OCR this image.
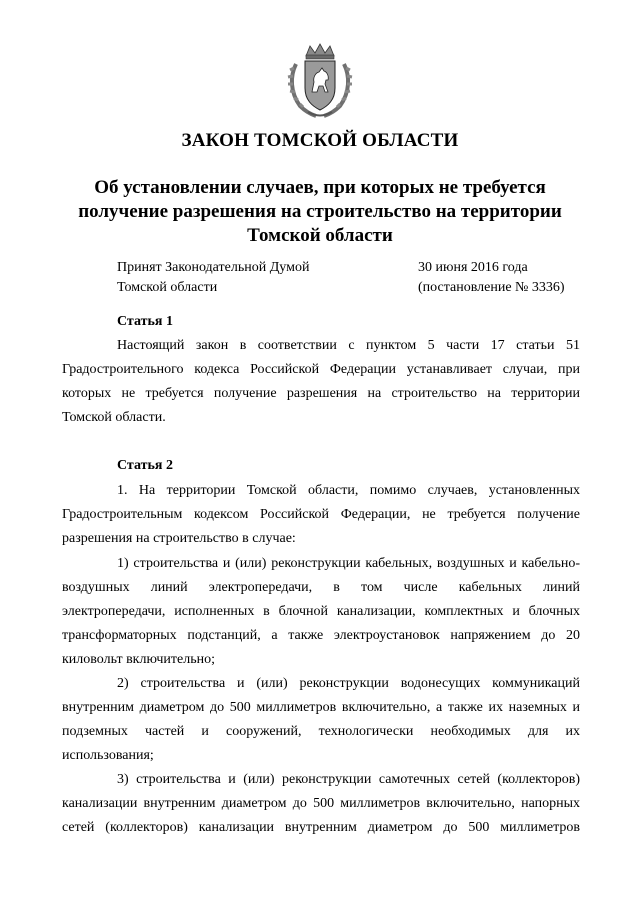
ЗАКОН ТОМСКОЙ ОБЛАСТИ
Об установлении случаев, при которых не требуется
получение разрешения на строительство на территории
Томской области
Принят Законодательной Думой
Томской области
30 июня 2016 года
(постановление № 3336)
Статья 1
Настоящий закон в соответствии с пунктом 5 части 17 статьи 51
Градостроительного кодекса Российской Федерации устанавливает случаи, при
которых не требуется получение разрешения на строительство на территории
Томской области.
Статья 2
1. На территории Томской области, помимо случаев, установленных
Градостроительным кодексом Российской Федерации, не требуется получение
разрешения на строительство в случае:
1) строительства и (или) реконструкции кабельных, воздушных и кабельно-
воздушных линий электропередачи, в том числе кабельных линий
электропередачи, исполненных в блочной канализации, комплектных и блочных
трансформаторных подстанций, а также электроустановок напряжением до 20
киловольт включительно;
2) строительства и (или) реконструкции водонесущих коммуникаций
внутренним диаметром до 500 миллиметров включительно, а также их наземных и
подземных частей и сооружений, технологически необходимых для их
использования;
3) строительства и (или) реконструкции самотечных сетей (коллекторов)
канализации внутренним диаметром до 500 миллиметров включительно, напорных
сетей (коллекторов) канализации внутренним диаметром до 500 миллиметров
